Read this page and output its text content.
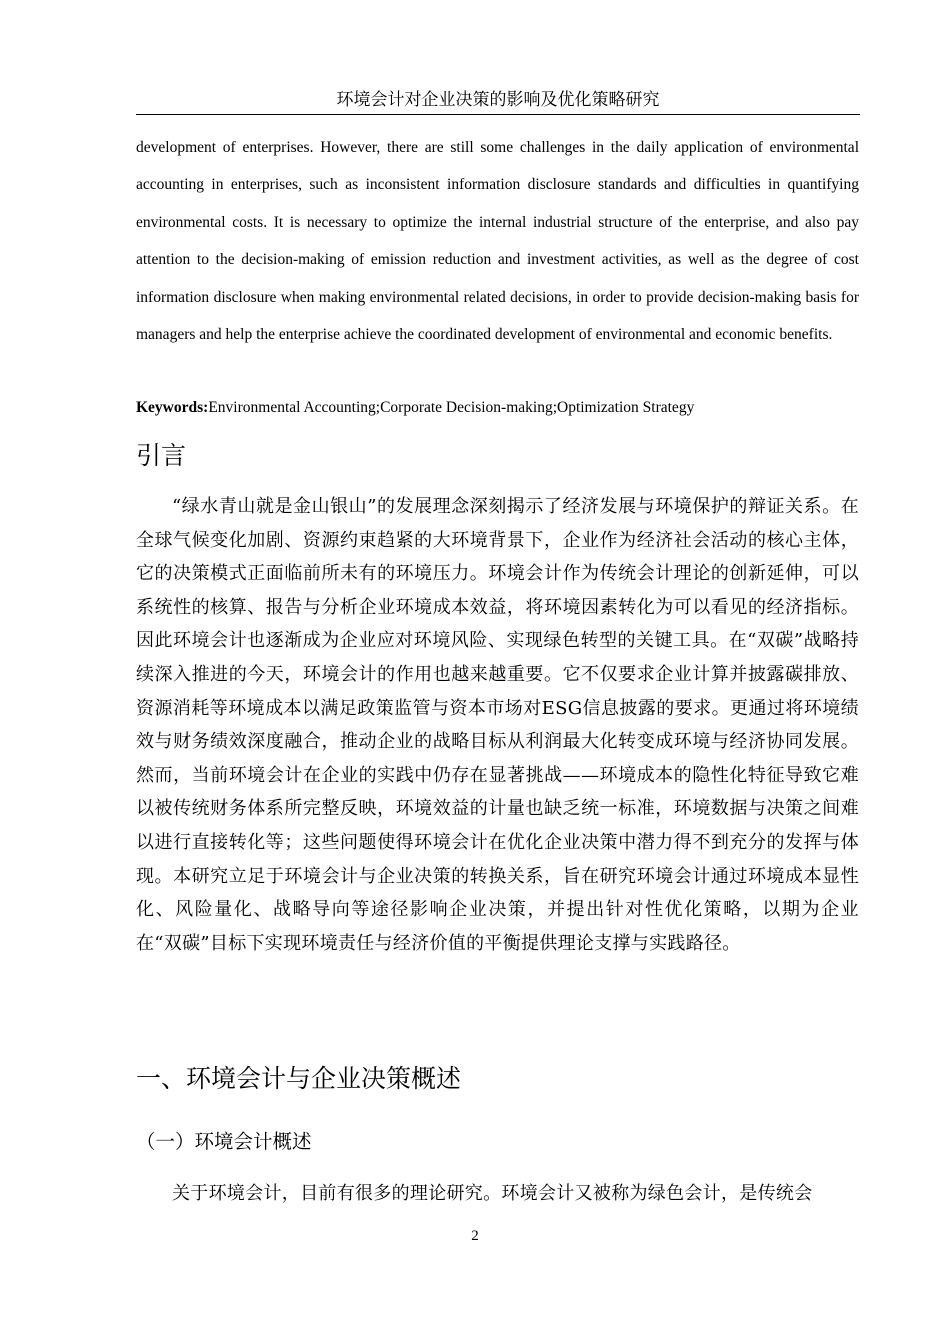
环境会计对企业决策的影响及优化策略研究

development of enterprises. However, there are still some challenges in the daily application of environmental accounting in enterprises, such as inconsistent information disclosure standards and difficulties in quantifying environmental costs. It is necessary to optimize the internal industrial structure of the enterprise, and also pay attention to the decision-making of emission reduction and investment activities, as well as the degree of cost information disclosure when making environmental related decisions, in order to provide decision-making basis for managers and help the enterprise achieve the coordinated development of environmental and economic benefits.

Keywords:Environmental Accounting;Corporate Decision-making;Optimization Strategy
引言

“绿水青山就是金山银山”的发展理念深刻揭示了经济发展与环境保护的辩证关系。在全球气候变化加剧、资源约束趋紧的大环境背景下，企业作为经济社会活动的核心主体，它的决策模式正面临前所未有的环境压力。环境会计作为传统会计理论的创新延伸，可以系统性的核算、报告与分析企业环境成本效益，将环境因素转化为可以看见的经济指标。因此环境会计也逐渐成为企业应对环境风险、实现绿色转型的关键工具。在“双碳”战略持续深入推进的今天，环境会计的作用也越来越重要。它不仅要求企业计算并披露碳排放、资源消耗等环境成本以满足政策监管与资本市场对ESG信息披露的要求。更通过将环境绩效与财务绩效深度融合，推动企业的战略目标从利润最大化转变成环境与经济协同发展。然而，当前环境会计在企业的实践中仍存在显著挑战——环境成本的隐性化特征导致它难以被传统财务体系所完整反映，环境效益的计量也缺乏统一标准，环境数据与决策之间难以进行直接转化等；这些问题使得环境会计在优化企业决策中潜力得不到充分的发挥与体现。本研究立足于环境会计与企业决策的转换关系，旨在研究环境会计通过环境成本显性化、风险量化、战略导向等途径影响企业决策，并提出针对性优化策略，以期为企业在“双碳”目标下实现环境责任与经济价值的平衡提供理论支撑与实践路径。

一、环境会计与企业决策概述
（一）环境会计概述

关于环境会计，目前有很多的理论研究。环境会计又被称为绿色会计，是传统会

2
